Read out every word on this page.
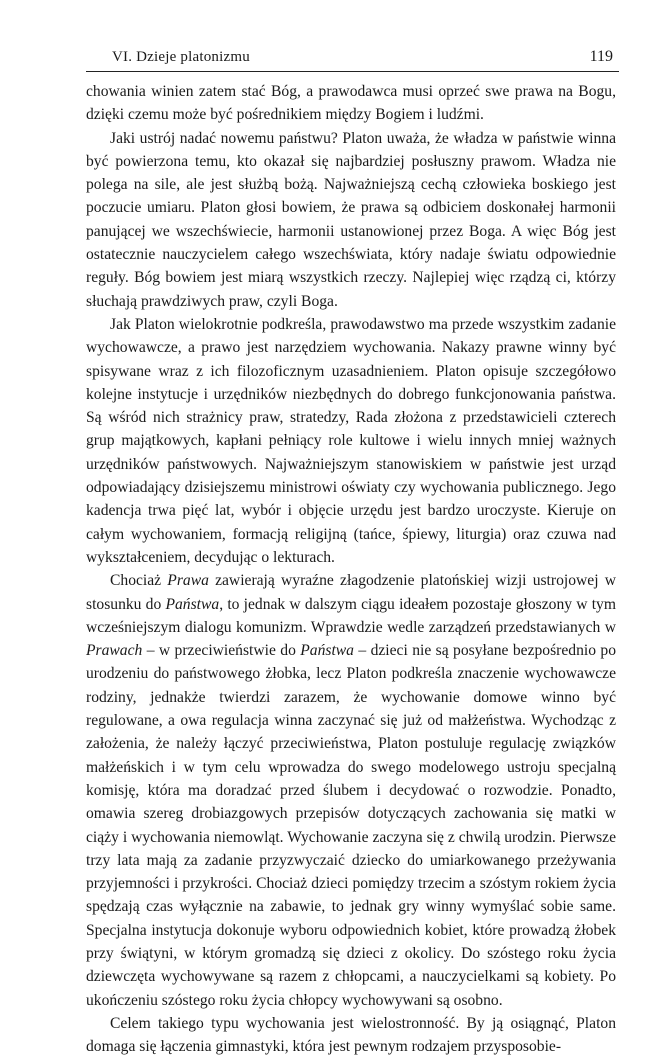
VI. Dzieje platonizmu	119

chowania winien zatem stać Bóg, a prawodawca musi oprzeć swe prawa na Bogu, dzięki czemu może być pośrednikiem między Bogiem i ludźmi.

Jaki ustrój nadać nowemu państwu? Platon uważa, że władza w państwie winna być powierzona temu, kto okazał się najbardziej posłuszny prawom. Władza nie polega na sile, ale jest służbą bożą. Najważniejszą cechą człowieka boskiego jest poczucie umiaru. Platon głosi bowiem, że prawa są odbiciem doskonałej harmonii panującej we wszechświecie, harmonii ustanowionej przez Boga. A więc Bóg jest ostatecznie nauczycielem całego wszechświata, który nadaje światu odpowiednie reguły. Bóg bowiem jest miarą wszystkich rzeczy. Najlepiej więc rządzą ci, którzy słuchają prawdziwych praw, czyli Boga.

Jak Platon wielokrotnie podkreśla, prawodawstwo ma przede wszystkim zadanie wychowawcze, a prawo jest narzędziem wychowania. Nakazy prawne winny być spisywane wraz z ich filozoficznym uzasadnieniem. Platon opisuje szczegółowo kolejne instytucje i urzędników niezbędnych do dobrego funkcjonowania państwa. Są wśród nich strażnicy praw, stratedzy, Rada złożona z przedstawicieli czterech grup majątkowych, kapłani pełniący role kultowe i wielu innych mniej ważnych urzędników państwowych. Najważniejszym stanowiskiem w państwie jest urząd odpowiadający dzisiejszemu ministrowi oświaty czy wychowania publicznego. Jego kadencja trwa pięć lat, wybór i objęcie urzędu jest bardzo uroczyste. Kieruje on całym wychowaniem, formacją religijną (tańce, śpiewy, liturgia) oraz czuwa nad wykształceniem, decydując o lekturach.

Chociaż Prawa zawierają wyraźne złagodzenie platońskiej wizji ustrojowej w stosunku do Państwa, to jednak w dalszym ciągu ideałem pozostaje głoszony w tym wcześniejszym dialogu komunizm. Wprawdzie wedle zarządzeń przedstawianych w Prawach – w przeciwieństwie do Państwa – dzieci nie są posyłane bezpośrednio po urodzeniu do państwowego żłobka, lecz Platon podkreśla znaczenie wychowawcze rodziny, jednakże twierdzi zarazem, że wychowanie domowe winno być regulowane, a owa regulacja winna zaczynać się już od małżeństwa. Wychodząc z założenia, że należy łączyć przeciwieństwa, Platon postuluje regulację związków małżeńskich i w tym celu wprowadza do swego modelowego ustroju specjalną komisję, która ma doradzać przed ślubem i decydować o rozwodzie. Ponadto, omawia szereg drobiazgowych przepisów dotyczących zachowania się matki w ciąży i wychowania niemowląt. Wychowanie zaczyna się z chwilą urodzin. Pierwsze trzy lata mają za zadanie przyzwyczaić dziecko do umiarkowanego przeżywania przyjemności i przykrości. Chociaż dzieci pomiędzy trzecim a szóstym rokiem życia spędzają czas wyłącznie na zabawie, to jednak gry winny wymyślać sobie same. Specjalna instytucja dokonuje wyboru odpowiednich kobiet, które prowadzą żłobek przy świątyni, w którym gromadzą się dzieci z okolicy. Do szóstego roku życia dziewczęta wychowywane są razem z chłopcami, a nauczycielkami są kobiety. Po ukończeniu szóstego roku życia chłopcy wychowywani są osobno.

Celem takiego typu wychowania jest wielostronność. By ją osiągnąć, Platon domaga się łączenia gimnastyki, która jest pewnym rodzajem przysposobie-
